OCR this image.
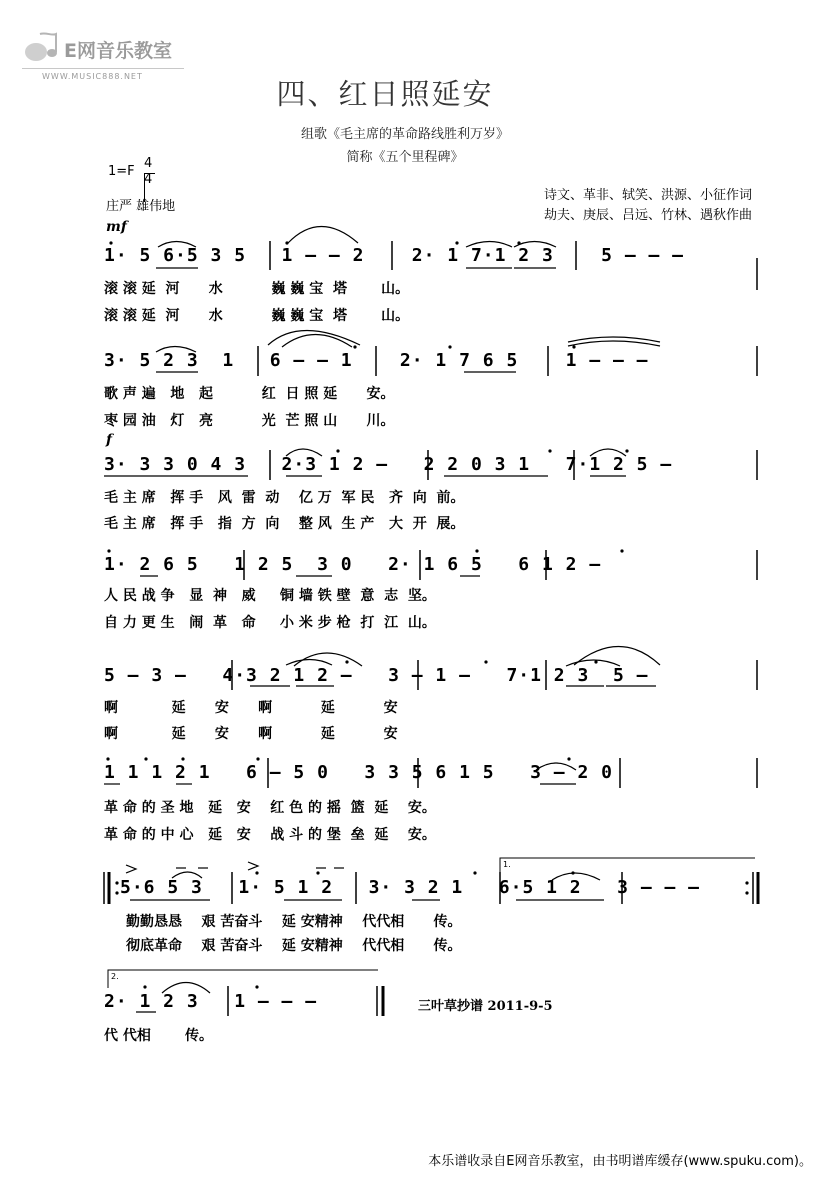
E网音乐教室
WWW.MUSIC888.NET
四、红日照延安
组歌《毛主席的革命路线胜利万岁》
简称《五个里程碑》
1=F
4
4
庄严 雄伟地
诗文、革非、轼笑、洪源、小征作词
劫夫、庚辰、吕远、竹林、遇秋作曲
mf
f
1· 5 6·5 3 5   1 – – 2    2· 1 7·1 2 3    5 – – –
滚 滚 延  河      水          巍 巍 宝  塔       山。
滚 滚 延  河      水          巍 巍 宝  塔       山。
3· 5 2 3  1   6 – – 1    2· 1 7 6 5    1 – – –
歌 声 遍   地   起          红  日 照 延      安。
枣 园 油   灯   亮          光  芒 照 山      川。
3· 3 3 0 4 3   2·3 1 2 –   2 2 0 3 1   7·1 2 5 –
毛 主 席   挥 手   风  雷  动    亿 万  军 民   齐  向  前。
毛 主 席   挥 手   指  方  向    整 风  生 产   大  开  展。
1· 2 6 5   1 2 5  3 0   2· 1 6 5   6 1 2 –
人 民 战 争   显  神   威     铜 墙 铁 壁  意  志  坚。
自 力 更 生   闹  革   命     小 米 步 枪  打  江  山。
5 – 3 –   4·3 2 1 2 –   3 – 1 –   7·1 2 3  5 –
啊           延      安      啊          延          安
啊           延      安      啊          延          安
1 1 1 2 1   6 – 5 0   3 3 5 6 1 5   3 – 2 0
革 命 的 圣 地   延   安    红 色 的 摇  篮  延    安。
革 命 的 中 心   延   安    战 斗 的 堡  垒  延    安。
5·6 5 3   1· 5 1 2   3· 3 2 1   6·5 1 2   3 – – –
勤勤恳恳    艰 苦奋斗    延 安精神    代代相      传。
彻底革命    艰 苦奋斗    延 安精神    代代相      传。
2· 1 2 3   1 – – –
代 代相       传。
三叶草抄谱 2011-9-5
本乐谱收录自E网音乐教室，由书明谱库缓存(www.spuku.com)。
1.
2.
